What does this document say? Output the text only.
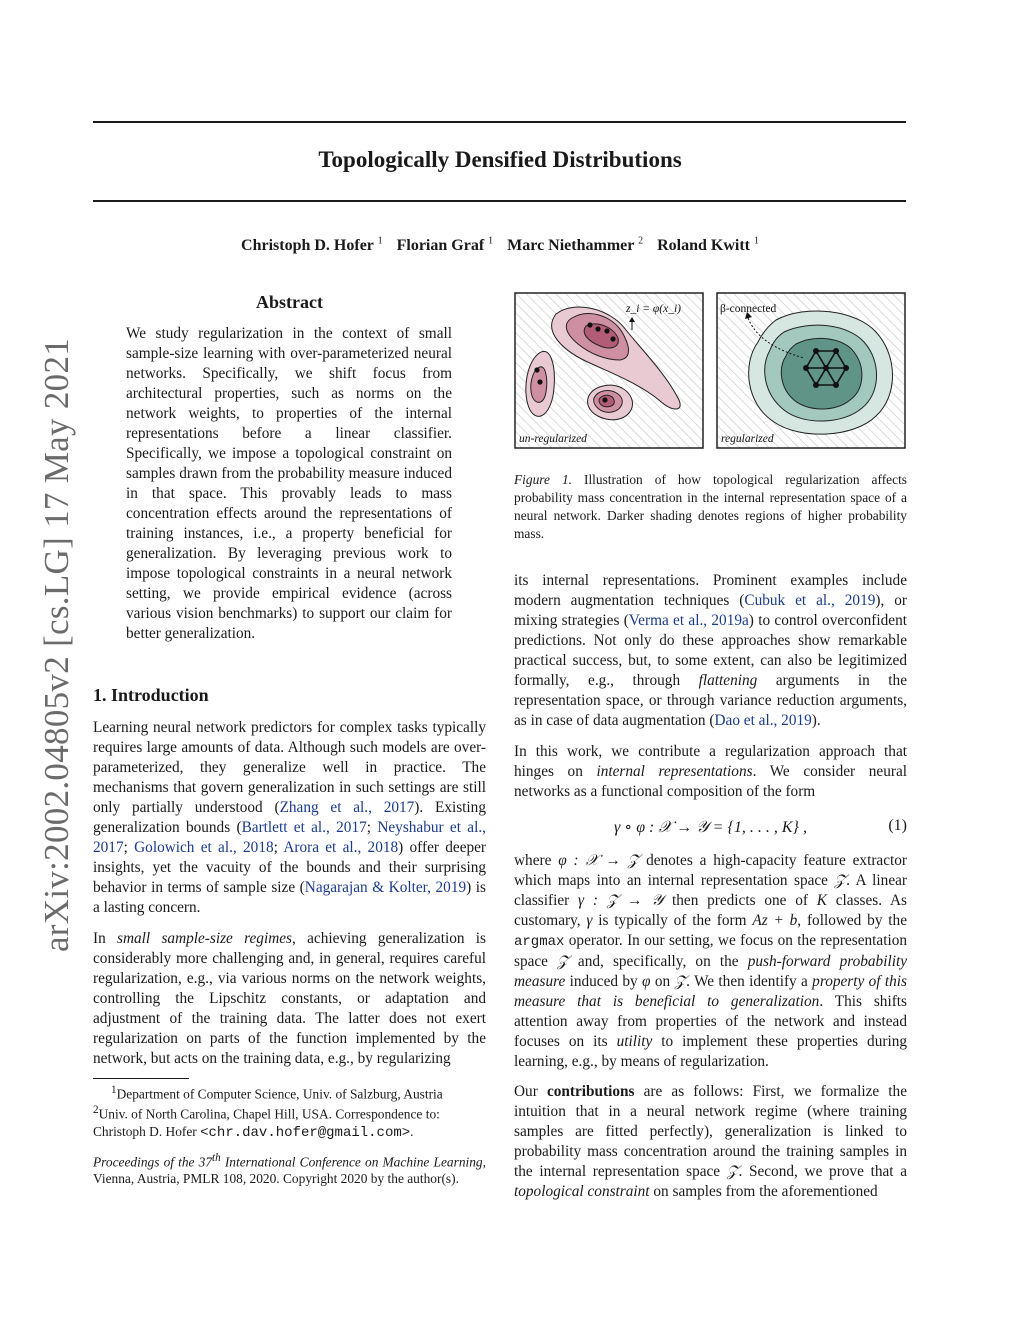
arXiv:2002.04805v2 [cs.LG] 17 May 2021
Topologically Densified Distributions
Christoph D. Hofer $^1$ Florian Graf $^1$ Marc Niethammer $^2$ Roland Kwitt $^1$
Abstract

We study regularization in the context of small sample-size learning with over-parameterized neural networks. Specifically, we shift focus from architectural properties, such as norms on the network weights, to properties of the internal representations before a linear classifier. Specifically, we impose a topological constraint on samples drawn from the probability measure induced in that space. This provably leads to mass concentration effects around the representations of training instances, i.e., a property beneficial for generalization. By leveraging previous work to impose topological constraints in a neural network setting, we provide empirical evidence (across various vision benchmarks) to support our claim for better generalization.

1. Introduction

Learning neural network predictors for complex tasks typically requires large amounts of data. Although such models are over-parameterized, they generalize well in practice. The mechanisms that govern generalization in such settings are still only partially understood (Zhang et al., 2017). Existing generalization bounds (Bartlett et al., 2017; Neyshabur et al., 2017; Golowich et al., 2018; Arora et al., 2018) offer deeper insights, yet the vacuity of the bounds and their surprising behavior in terms of sample size (Nagarajan & Kolter, 2019) is a lasting concern.

In small sample-size regimes, achieving generalization is considerably more challenging and, in general, requires careful regularization, e.g., via various norms on the network weights, controlling the Lipschitz constants, or adaptation and adjustment of the training data. The latter does not exert regularization on parts of the function implemented by the network, but acts on the training data, e.g., by regularizing

$^1$Department of Computer Science, Univ. of Salzburg, Austria

$^2$Univ. of North Carolina, Chapel Hill, USA. Correspondence to: Christoph D. Hofer <chr.dav.hofer@gmail.com>.

Proceedings of the 37th International Conference on Machine Learning, Vienna, Austria, PMLR 108, 2020. Copyright 2020 by the author(s).
z_i = φ(x_i)
un-regularized
β-connected
regularized

Figure 1. Illustration of how topological regularization affects probability mass concentration in the internal representation space of a neural network. Darker shading denotes regions of higher probability mass.

its internal representations. Prominent examples include modern augmentation techniques (Cubuk et al., 2019), or mixing strategies (Verma et al., 2019a) to control overconfident predictions. Not only do these approaches show remarkable practical success, but, to some extent, can also be legitimized formally, e.g., through flattening arguments in the representation space, or through variance reduction arguments, as in case of data augmentation (Dao et al., 2019).

In this work, we contribute a regularization approach that hinges on internal representations. We consider neural networks as a functional composition of the form

γ ∘ φ : 𝒳 → 𝒴 = {1, . . . , K} ,	(1)

where φ : 𝒳 → 𝒵 denotes a high-capacity feature extractor which maps into an internal representation space 𝒵. A linear classifier γ : 𝒵 → 𝒴 then predicts one of K classes. As customary, γ is typically of the form Az + b, followed by the argmax operator. In our setting, we focus on the representation space 𝒵 and, specifically, on the push-forward probability measure induced by φ on 𝒵. We then identify a property of this measure that is beneficial to generalization. This shifts attention away from properties of the network and instead focuses on its utility to implement these properties during learning, e.g., by means of regularization.

Our contributions are as follows: First, we formalize the intuition that in a neural network regime (where training samples are fitted perfectly), generalization is linked to probability mass concentration around the training samples in the internal representation space 𝒵. Second, we prove that a topological constraint on samples from the aforementioned
